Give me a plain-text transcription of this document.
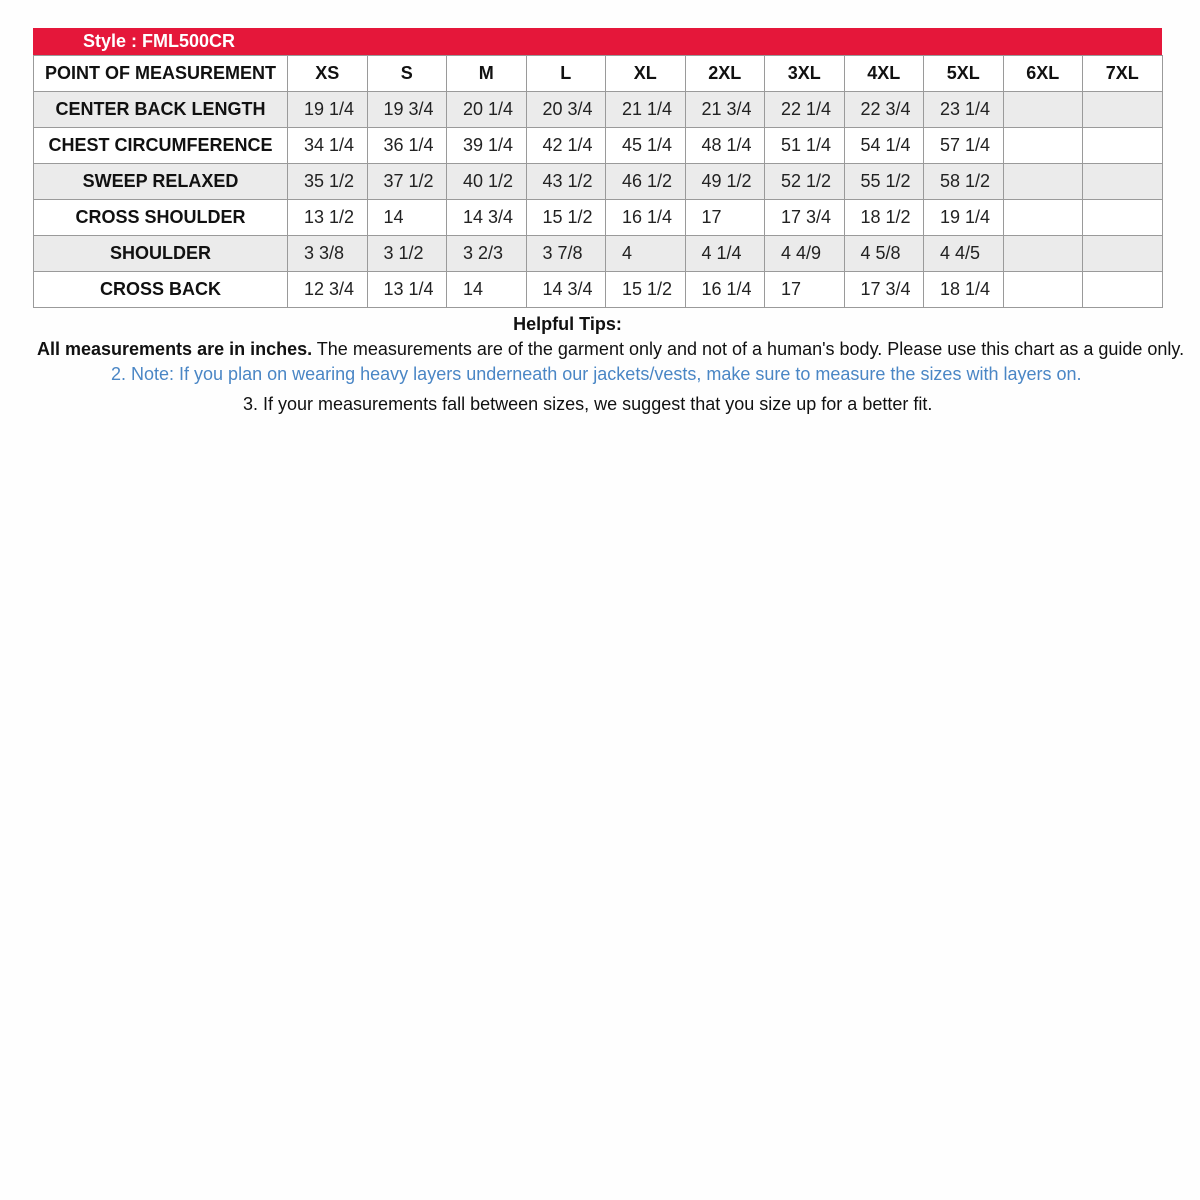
Style : FML500CR
POINT OF MEASUREMENT	XS	S	M	L	XL	2XL	3XL	4XL	5XL	6XL	7XL
CENTER BACK LENGTH	19 1/4	19 3/4	20 1/4	20 3/4	21 1/4	21 3/4	22 1/4	22 3/4	23 1/4		
CHEST CIRCUMFERENCE	34 1/4	36 1/4	39 1/4	42 1/4	45 1/4	48 1/4	51 1/4	54 1/4	57 1/4		
SWEEP RELAXED	35 1/2	37 1/2	40 1/2	43 1/2	46 1/2	49 1/2	52 1/2	55 1/2	58 1/2		
CROSS SHOULDER	13 1/2	14	14 3/4	15 1/2	16 1/4	17	17 3/4	18 1/2	19 1/4		
SHOULDER	3 3/8	3 1/2	3 2/3	3 7/8	4	4 1/4	4 4/9	4 5/8	4 4/5		
CROSS BACK	12 3/4	13 1/4	14	14 3/4	15 1/2	16 1/4	17	17 3/4	18 1/4		
Helpful Tips:
All measurements are in inches. The measurements are of the garment only and not of a human's body. Please use this chart as a guide only.
2. Note: If you plan on wearing heavy layers underneath our jackets/vests, make sure to measure the sizes with layers on.
3. If your measurements fall between sizes, we suggest that you size up for a better fit.
